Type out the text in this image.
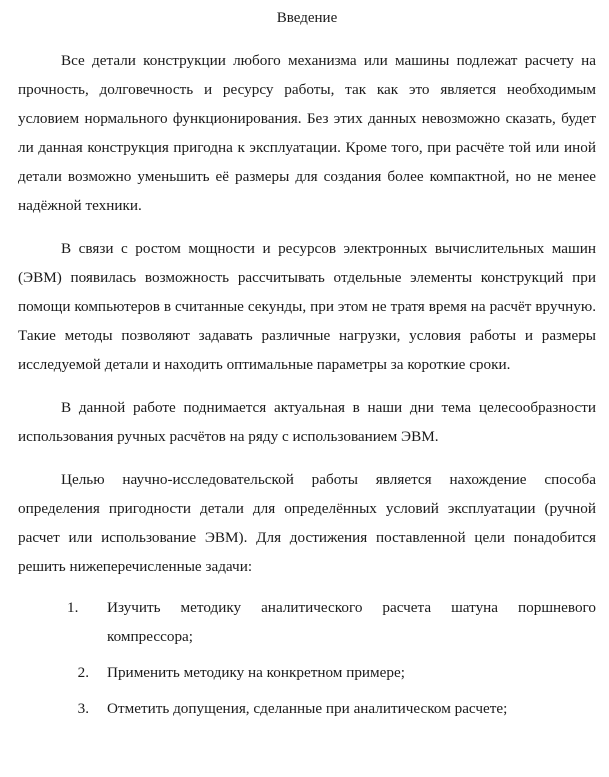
Введение

Все детали конструкции любого механизма или машины подлежат расчету на прочность, долговечность и ресурсу работы, так как это является необходимым условием нормального функционирования. Без этих данных невозможно сказать, будет ли данная конструкция пригодна к эксплуатации. Кроме того, при расчёте той или иной детали возможно уменьшить её размеры для создания более компактной, но не менее надёжной техники.

В связи с ростом мощности и ресурсов электронных вычислительных машин (ЭВМ) появилась возможность рассчитывать отдельные элементы конструкций при помощи компьютеров в считанные секунды, при этом не тратя время на расчёт вручную. Такие методы позволяют задавать различные нагрузки, условия работы и размеры исследуемой детали и находить оптимальные параметры за короткие сроки.

В данной работе поднимается актуальная в наши дни тема целесообразности использования ручных расчётов на ряду с использованием ЭВМ.

Целью научно-исследовательской работы является нахождение способа определения пригодности детали для определённых условий эксплуатации (ручной расчет или использование ЭВМ). Для достижения поставленной цели понадобится решить нижеперечисленные задачи:

1. Изучить методику аналитического расчета шатуна поршневого компрессора;
2.	Применить методику на конкретном примере;
3.	Отметить допущения, сделанные при аналитическом расчете;
